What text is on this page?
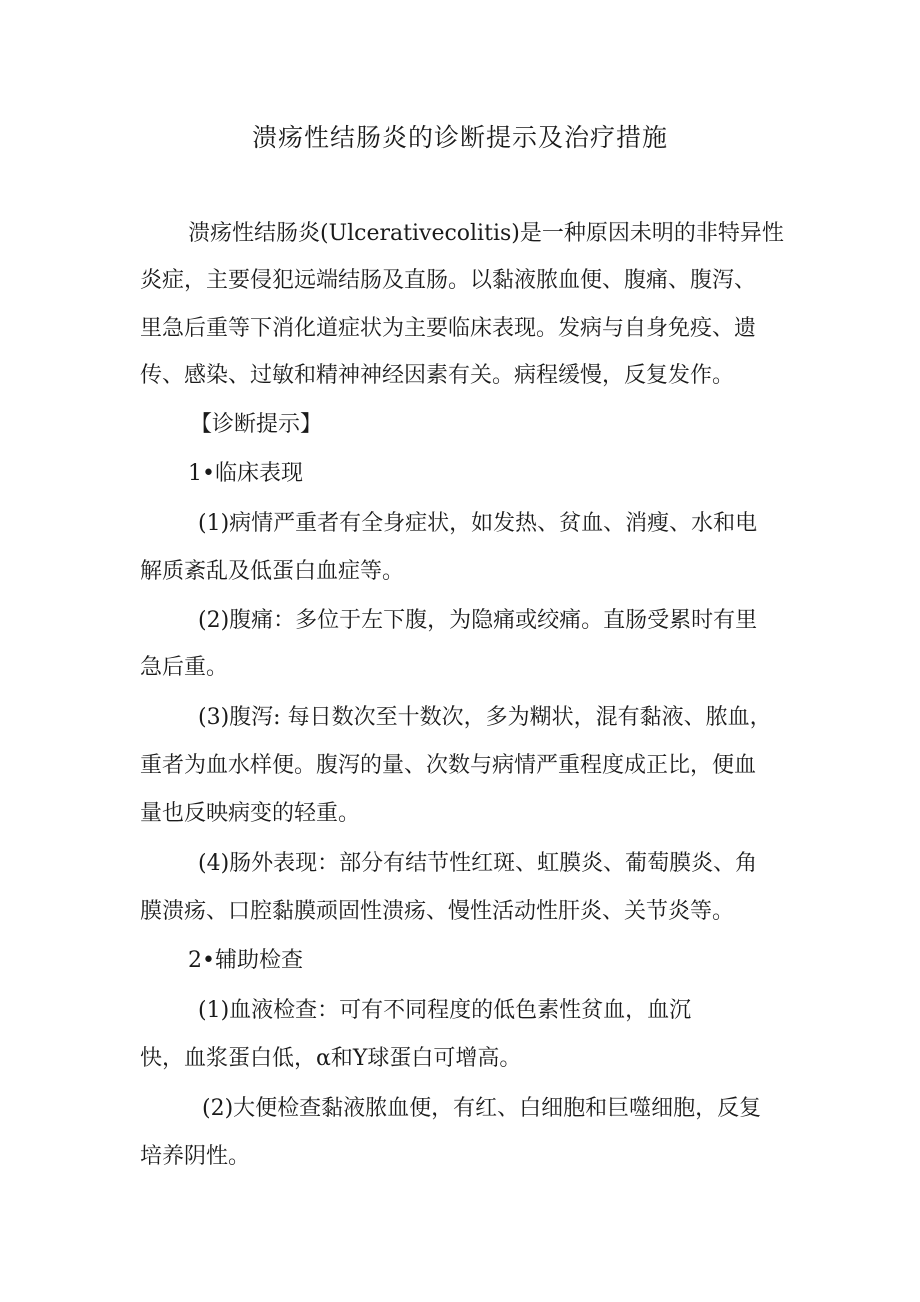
溃疡性结肠炎的诊断提示及治疗措施

溃疡性结肠炎(Ulcerativecolitis)是一种原因未明的非特异性

炎症，主要侵犯远端结肠及直肠。以黏液脓血便、腹痛、腹泻、

里急后重等下消化道症状为主要临床表现。发病与自身免疫、遗

传、感染、过敏和精神神经因素有关。病程缓慢，反复发作。

【诊断提示】

1•临床表现

(1)病情严重者有全身症状，如发热、贫血、消瘦、水和电

解质紊乱及低蛋白血症等。

(2)腹痛：多位于左下腹，为隐痛或绞痛。直肠受累时有里

急后重。

(3)腹泻: 每日数次至十数次，多为糊状，混有黏液、脓血，

重者为血水样便。腹泻的量、次数与病情严重程度成正比，便血

量也反映病变的轻重。

(4)肠外表现：部分有结节性红斑、虹膜炎、葡萄膜炎、角

膜溃疡、口腔黏膜顽固性溃疡、慢性活动性肝炎、关节炎等。

2•辅助检查

(1)血液检查：可有不同程度的低色素性贫血，血沉

快，血浆蛋白低，α和Y球蛋白可增高。

(2)大便检查黏液脓血便，有红、白细胞和巨噬细胞，反复

培养阴性。
